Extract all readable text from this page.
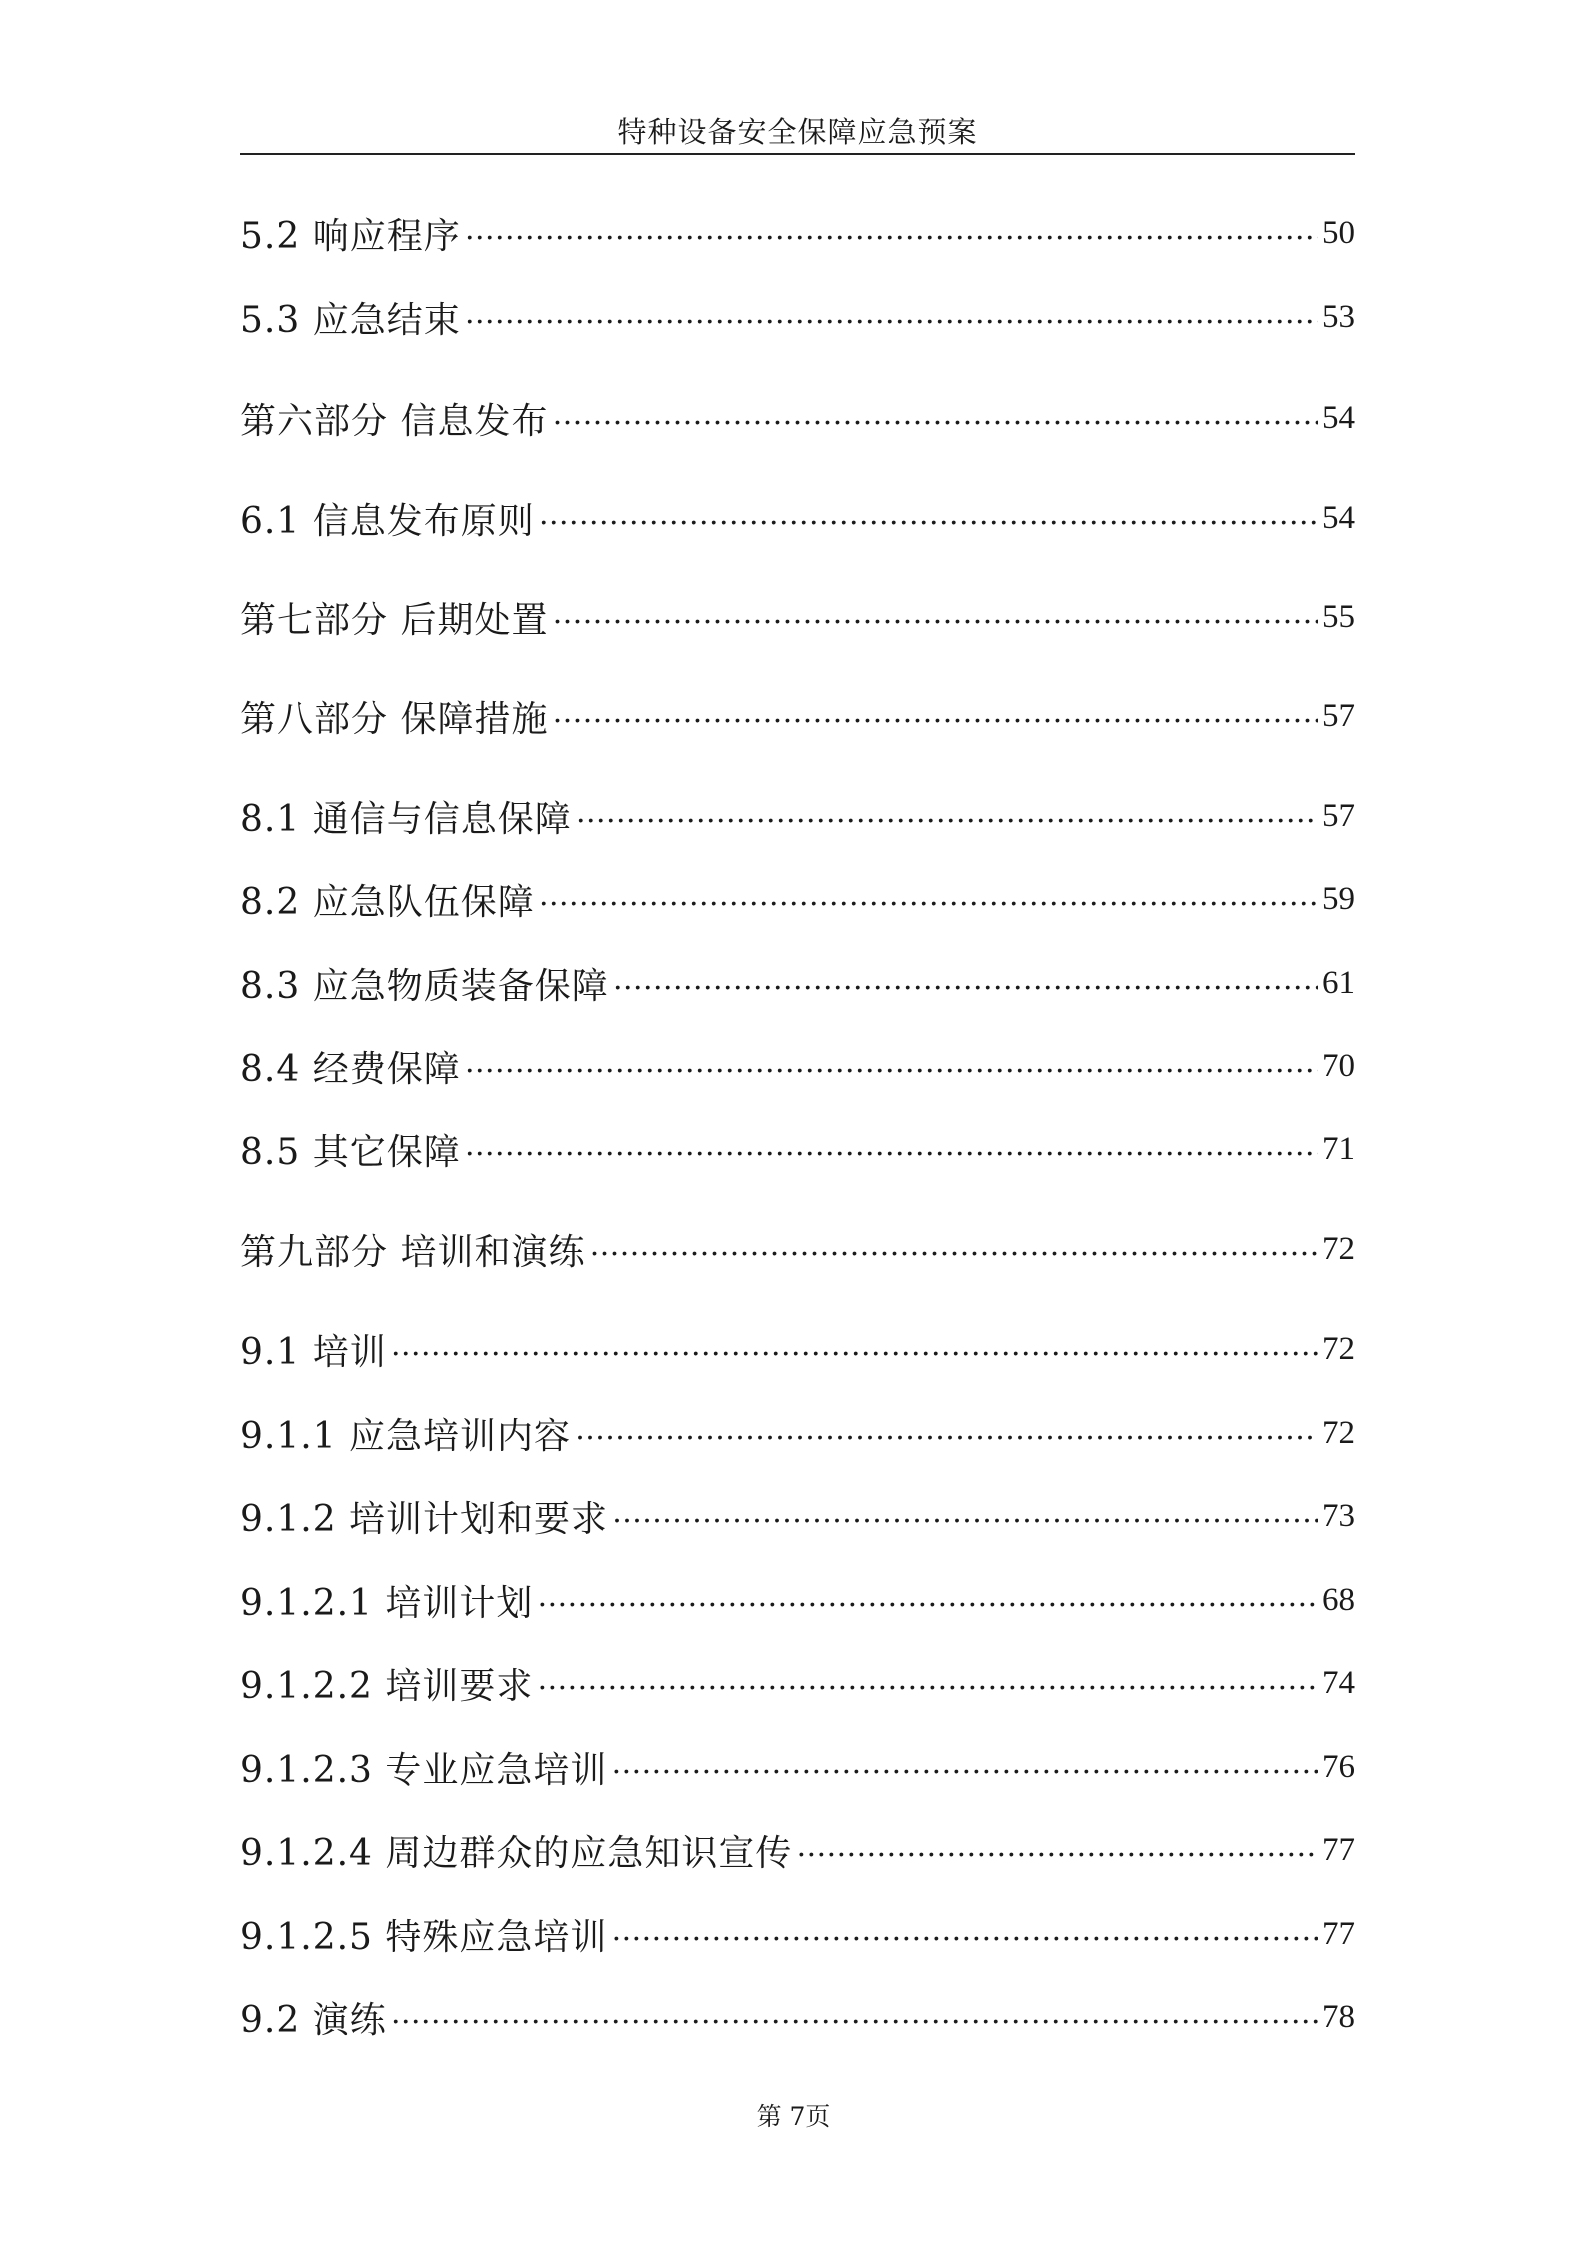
特种设备安全保障应急预案
5.2 响应程序 ……………………………………………………………………………………………………………………………………………………………………………………	50
5.3 应急结束 ……………………………………………………………………………………………………………………………………………………………………………………	53
第六部分 信息发布 ……………………………………………………………………………………………………………………………………………………………………………………	54
6.1 信息发布原则 ……………………………………………………………………………………………………………………………………………………………………………………	54
第七部分 后期处置 ……………………………………………………………………………………………………………………………………………………………………………………	55
第八部分 保障措施 ……………………………………………………………………………………………………………………………………………………………………………………	57
8.1 通信与信息保障 ……………………………………………………………………………………………………………………………………………………………………………………	57
8.2 应急队伍保障 ……………………………………………………………………………………………………………………………………………………………………………………	59
8.3 应急物质装备保障 ……………………………………………………………………………………………………………………………………………………………………………………	61
8.4 经费保障 ……………………………………………………………………………………………………………………………………………………………………………………	70
8.5 其它保障 ……………………………………………………………………………………………………………………………………………………………………………………	71
第九部分 培训和演练 ……………………………………………………………………………………………………………………………………………………………………………………	72
9.1 培训 ……………………………………………………………………………………………………………………………………………………………………………………	72
9.1.1 应急培训内容 ……………………………………………………………………………………………………………………………………………………………………………………	72
9.1.2 培训计划和要求 ……………………………………………………………………………………………………………………………………………………………………………………	73
9.1.2.1 培训计划 ……………………………………………………………………………………………………………………………………………………………………………………	68
9.1.2.2 培训要求 ……………………………………………………………………………………………………………………………………………………………………………………	74
9.1.2.3 专业应急培训 ……………………………………………………………………………………………………………………………………………………………………………………	76
9.1.2.4 周边群众的应急知识宣传 ……………………………………………………………………………………………………………………………………………………………………………………	77
9.1.2.5 特殊应急培训 ……………………………………………………………………………………………………………………………………………………………………………………	77
9.2 演练 ……………………………………………………………………………………………………………………………………………………………………………………	78
第 7页
